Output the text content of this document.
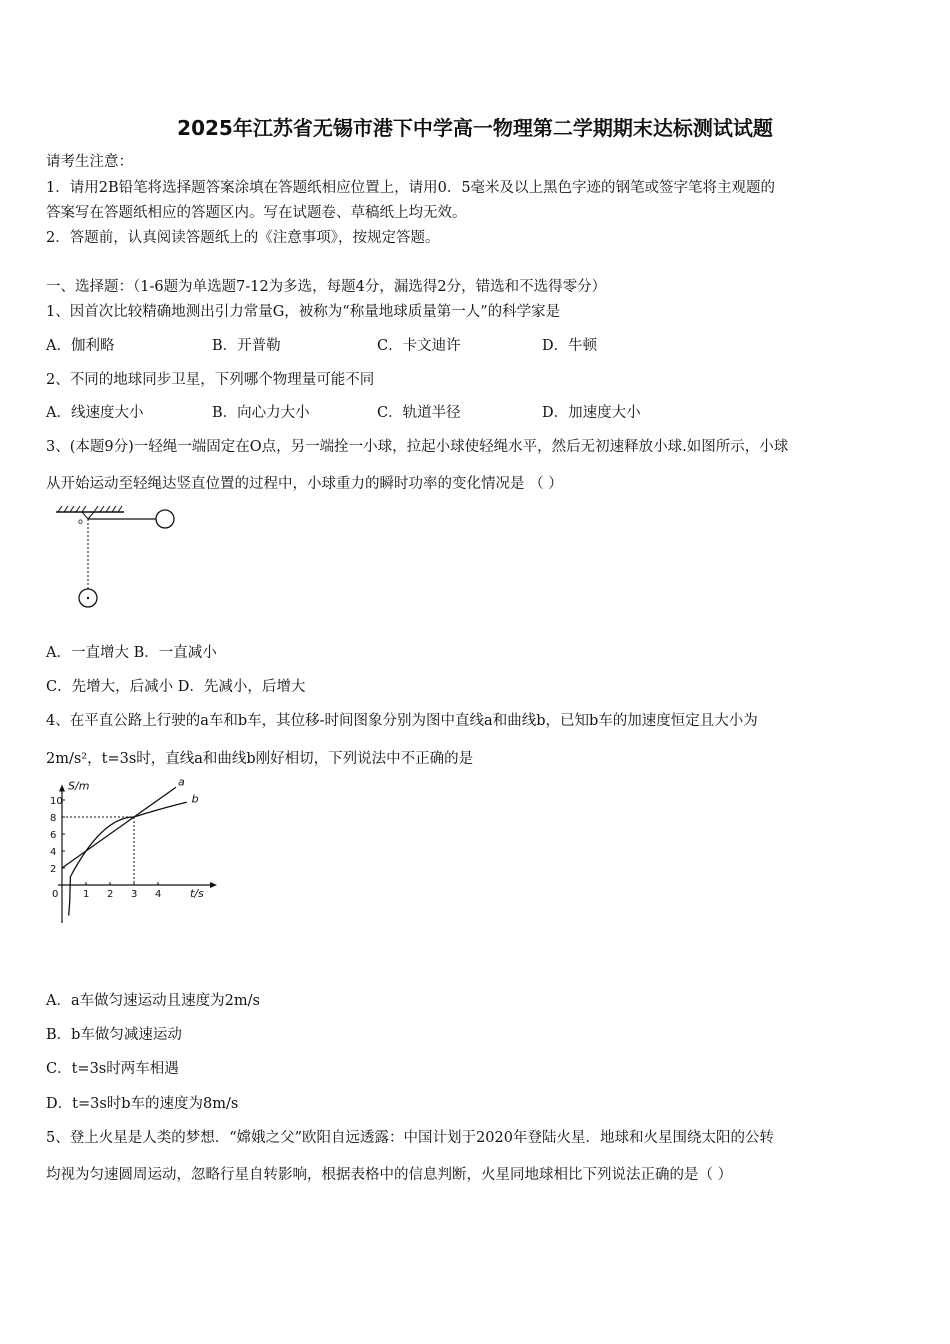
2025年江苏省无锡市港下中学高一物理第二学期期末达标测试试题
请考生注意：
1．请用2B铅笔将选择题答案涂填在答题纸相应位置上，请用0．5毫米及以上黑色字迹的钢笔或签字笔将主观题的
答案写在答题纸相应的答题区内。写在试题卷、草稿纸上均无效。
2．答题前，认真阅读答题纸上的《注意事项》，按规定答题。
一、选择题：（1-6题为单选题7-12为多选，每题4分，漏选得2分，错选和不选得零分）
1、因首次比较精确地测出引力常量G，被称为“称量地球质量第一人”的科学家是
A．伽利略	B．开普勒	C．卡文迪许	D．牛顿
2、不同的地球同步卫星，下列哪个物理量可能不同
A．线速度大小	B．向心力大小	C．轨道半径	D．加速度大小
3、(本题9分)一轻绳一端固定在O点，另一端拴一小球，拉起小球使轻绳水平，然后无初速释放小球.如图所示，小球
从开始运动至轻绳达竖直位置的过程中，小球重力的瞬时功率的变化情况是 （ ）
o
A．一直增大 B．一直减小
C．先增大，后减小 D．先减小，后增大
4、在平直公路上行驶的a车和b车，其位移-时间图象分别为图中直线a和曲线b，已知b车的加速度恒定且大小为
2m/s²，t=3s时，直线a和曲线b刚好相切，下列说法中不正确的是
2
4
6
8
10
0 1 2 3 4
a
b
t/s
S/m
A．a车做匀速运动且速度为2m/s
B．b车做匀减速运动
C．t=3s时两车相遇
D．t=3s时b车的速度为8m/s
5、登上火星是人类的梦想．“嫦娥之父”欧阳自远透露：中国计划于2020年登陆火星．地球和火星围绕太阳的公转
均视为匀速圆周运动，忽略行星自转影响，根据表格中的信息判断，火星同地球相比下列说法正确的是（ ）
